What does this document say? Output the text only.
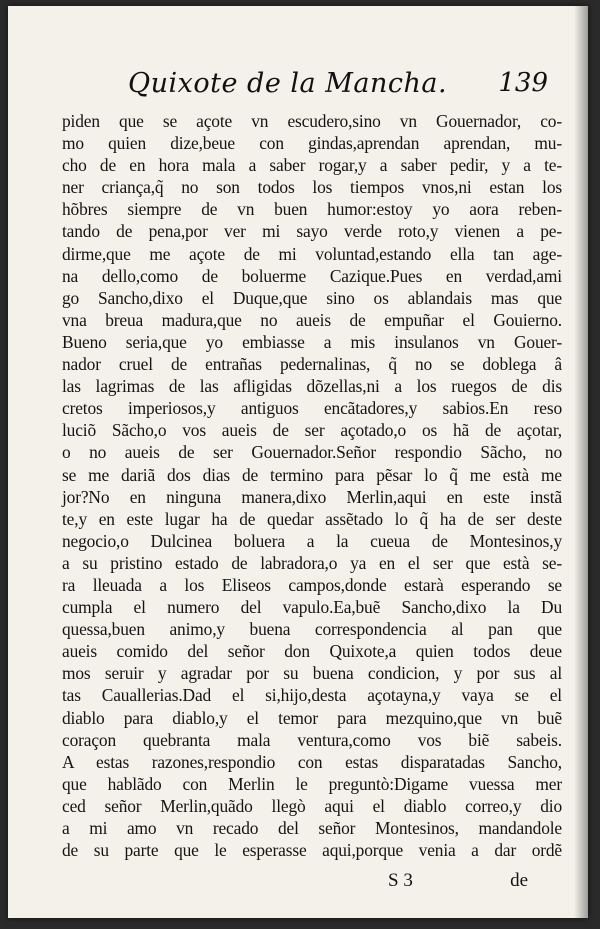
Quixote de la Mancha. 139
piden que se açote vn escudero,sino vn Gouernador, co-
mo quien dize,beue con gindas,aprendan aprendan, mu-
cho de en hora mala a saber rogar,y a saber pedir, y a te-
ner criança,q̃ no son todos los tiempos vnos,ni estan los
hõbres siempre de vn buen humor:estoy yo aora reben-
tando de pena,por ver mi sayo verde roto,y vienen a pe-
dirme,que me açote de mi voluntad,estando ella tan age-
na dello,como de boluerme Cazique.Pues en verdad,ami
go Sancho,dixo el Duque,que sino os ablandais mas que
vna breua madura,que no aueis de empuñar el Gouierno.
Bueno seria,que yo embiasse a mis insulanos vn Gouer-
nador cruel de entrañas pedernalinas, q̃ no se doblega â
las lagrimas de las afligidas dõzellas,ni a los ruegos de dis
cretos imperiosos,y antiguos encãtadores,y sabios.En reso
luciõ Sãcho,o vos aueis de ser açotado,o os hã de açotar,
o no aueis de ser Gouernador.Señor respondio Sãcho, no
se me dariã dos dias de termino para pẽsar lo q̃ me està me
jor?No en ninguna manera,dixo Merlin,aqui en este instã
te,y en este lugar ha de quedar assẽtado lo q̃ ha de ser deste
negocio,o Dulcinea boluera a la cueua de Montesinos,y
a su pristino estado de labradora,o ya en el ser que està se-
ra lleuada a los Eliseos campos,donde estarà esperando se
cumpla el numero del vapulo.Ea,buẽ Sancho,dixo la Du
quessa,buen animo,y buena correspondencia al pan que
aueis comido del señor don Quixote,a quien todos deue
mos seruir y agradar por su buena condicion, y por sus al
tas Cauallerias.Dad el si,hijo,desta açotayna,y vaya se el
diablo para diablo,y el temor para mezquino,que vn buẽ
coraçon quebranta mala ventura,como vos biẽ sabeis.
A estas razones,respondio con estas disparatadas Sancho,
que hablãdo con Merlin le preguntò:Digame vuessa mer
ced señor Merlin,quãdo llegò aqui el diablo correo,y dio
a mi amo vn recado del señor Montesinos, mandandole
de su parte que le esperasse aqui,porque venia a dar ordẽ
S 3	de
